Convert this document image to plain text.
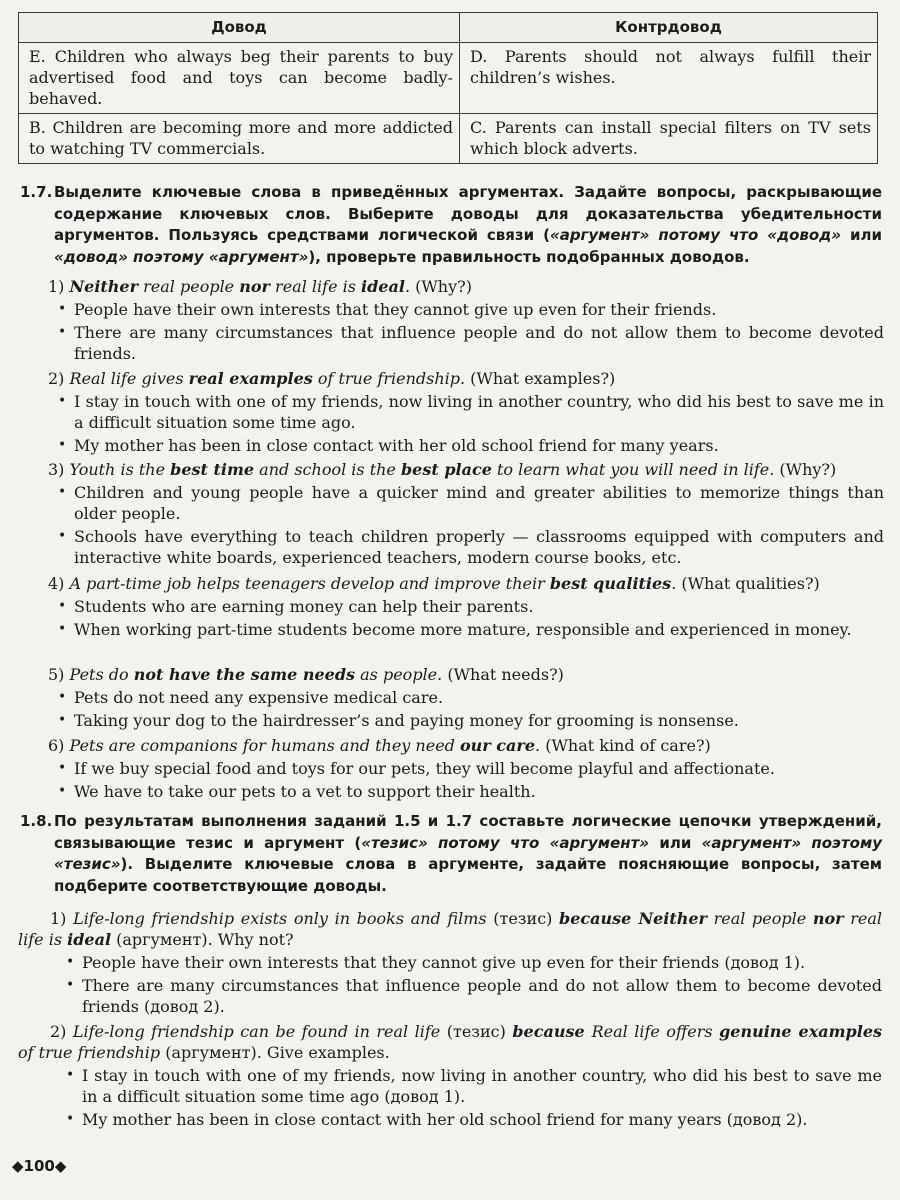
Довод	Контрдовод
E. Children who always beg their parents to buy advertised food and toys can become badly-behaved.	D. Parents should not always fulfill their children’s wishes.
B. Children are becoming more and more addicted to watching TV commercials.	C. Parents can install special filters on TV sets which block adverts.
1.7. Выделите ключевые слова в приведённых аргументах. Задайте вопросы, раскрывающие содержание ключевых слов. Выберите доводы для доказательства убедительности аргументов. Пользуясь средствами логической связи («аргумент» потому что «довод» или «довод» поэтому «аргумент»), проверьте правильность подобранных доводов.
1) Neither real people nor real life is ideal. (Why?)
• People have their own interests that they cannot give up even for their friends.
• There are many circumstances that influence people and do not allow them to become devoted friends.
2) Real life gives real examples of true friendship. (What examples?)
• I stay in touch with one of my friends, now living in another country, who did his best to save me in a difficult situation some time ago.
• My mother has been in close contact with her old school friend for many years.
3) Youth is the best time and school is the best place to learn what you will need in life. (Why?)
• Children and young people have a quicker mind and greater abilities to memorize things than older people.
• Schools have everything to teach children properly — classrooms equipped with computers and interactive white boards, experienced teachers, modern course books, etc.
4) A part-time job helps teenagers develop and improve their best qualities. (What qualities?)
• Students who are earning money can help their parents.
• When working part-time students become more mature, responsible and experienced in money.
5) Pets do not have the same needs as people. (What needs?)
• Pets do not need any expensive medical care.
• Taking your dog to the hairdresser’s and paying money for grooming is nonsense.
6) Pets are companions for humans and they need our care. (What kind of care?)
• If we buy special food and toys for our pets, they will become playful and affectionate.
• We have to take our pets to a vet to support their health.
1.8. По результатам выполнения заданий 1.5 и 1.7 составьте логические цепочки утверждений, связывающие тезис и аргумент («тезис» потому что «аргумент» или «аргумент» поэтому «тезис»). Выделите ключевые слова в аргументе, задайте поясняющие вопросы, затем подберите соответствующие доводы.
1) Life-long friendship exists only in books and films (тезис) because Neither real people nor real life is ideal (аргумент). Why not?
• People have their own interests that they cannot give up even for their friends (довод 1).
• There are many circumstances that influence people and do not allow them to become devoted friends (довод 2).
2) Life-long friendship can be found in real life (тезис) because Real life offers genuine examples of true friendship (аргумент). Give examples.
• I stay in touch with one of my friends, now living in another country, who did his best to save me in a difficult situation some time ago (довод 1).
• My mother has been in close contact with her old school friend for many years (довод 2).
◆100◆
